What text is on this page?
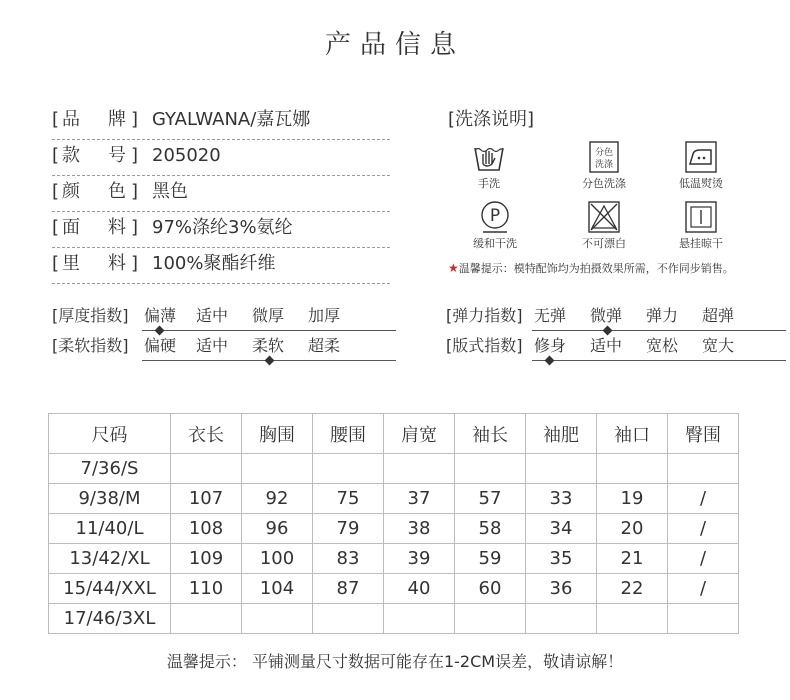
产品信息
[ 品 牌 ] GYALWANA/嘉瓦娜
[ 款 号 ] 205020
[ 颜 色 ] 黑色
[ 面 料 ] 97%涤纶3%氨纶
[ 里 料 ] 100%聚酯纤维
[洗涤说明]
手洗
分色
洗涤
分色洗涤	低温熨烫
P
缓和干洗	不可漂白	悬挂晾干
★温馨提示：模特配饰均为拍摄效果所需，不作同步销售。
[厚度指数] 偏薄 适中 微厚 加厚
[柔软指数] 偏硬 适中 柔软 超柔
[弹力指数] 无弹 微弹 弹力 超弹
[版式指数] 修身 适中 宽松 宽大
尺码	衣长	胸围	腰围	肩宽	袖长	袖肥	袖口	臀围
7/36/S								
9/38/M	107	92	75	37	57	33	19	/
11/40/L	108	96	79	38	58	34	20	/
13/42/XL	109	100	83	39	59	35	21	/
15/44/XXL	110	104	87	40	60	36	22	/
17/46/3XL								
温馨提示： 平铺测量尺寸数据可能存在1-2CM误差，敬请谅解！
